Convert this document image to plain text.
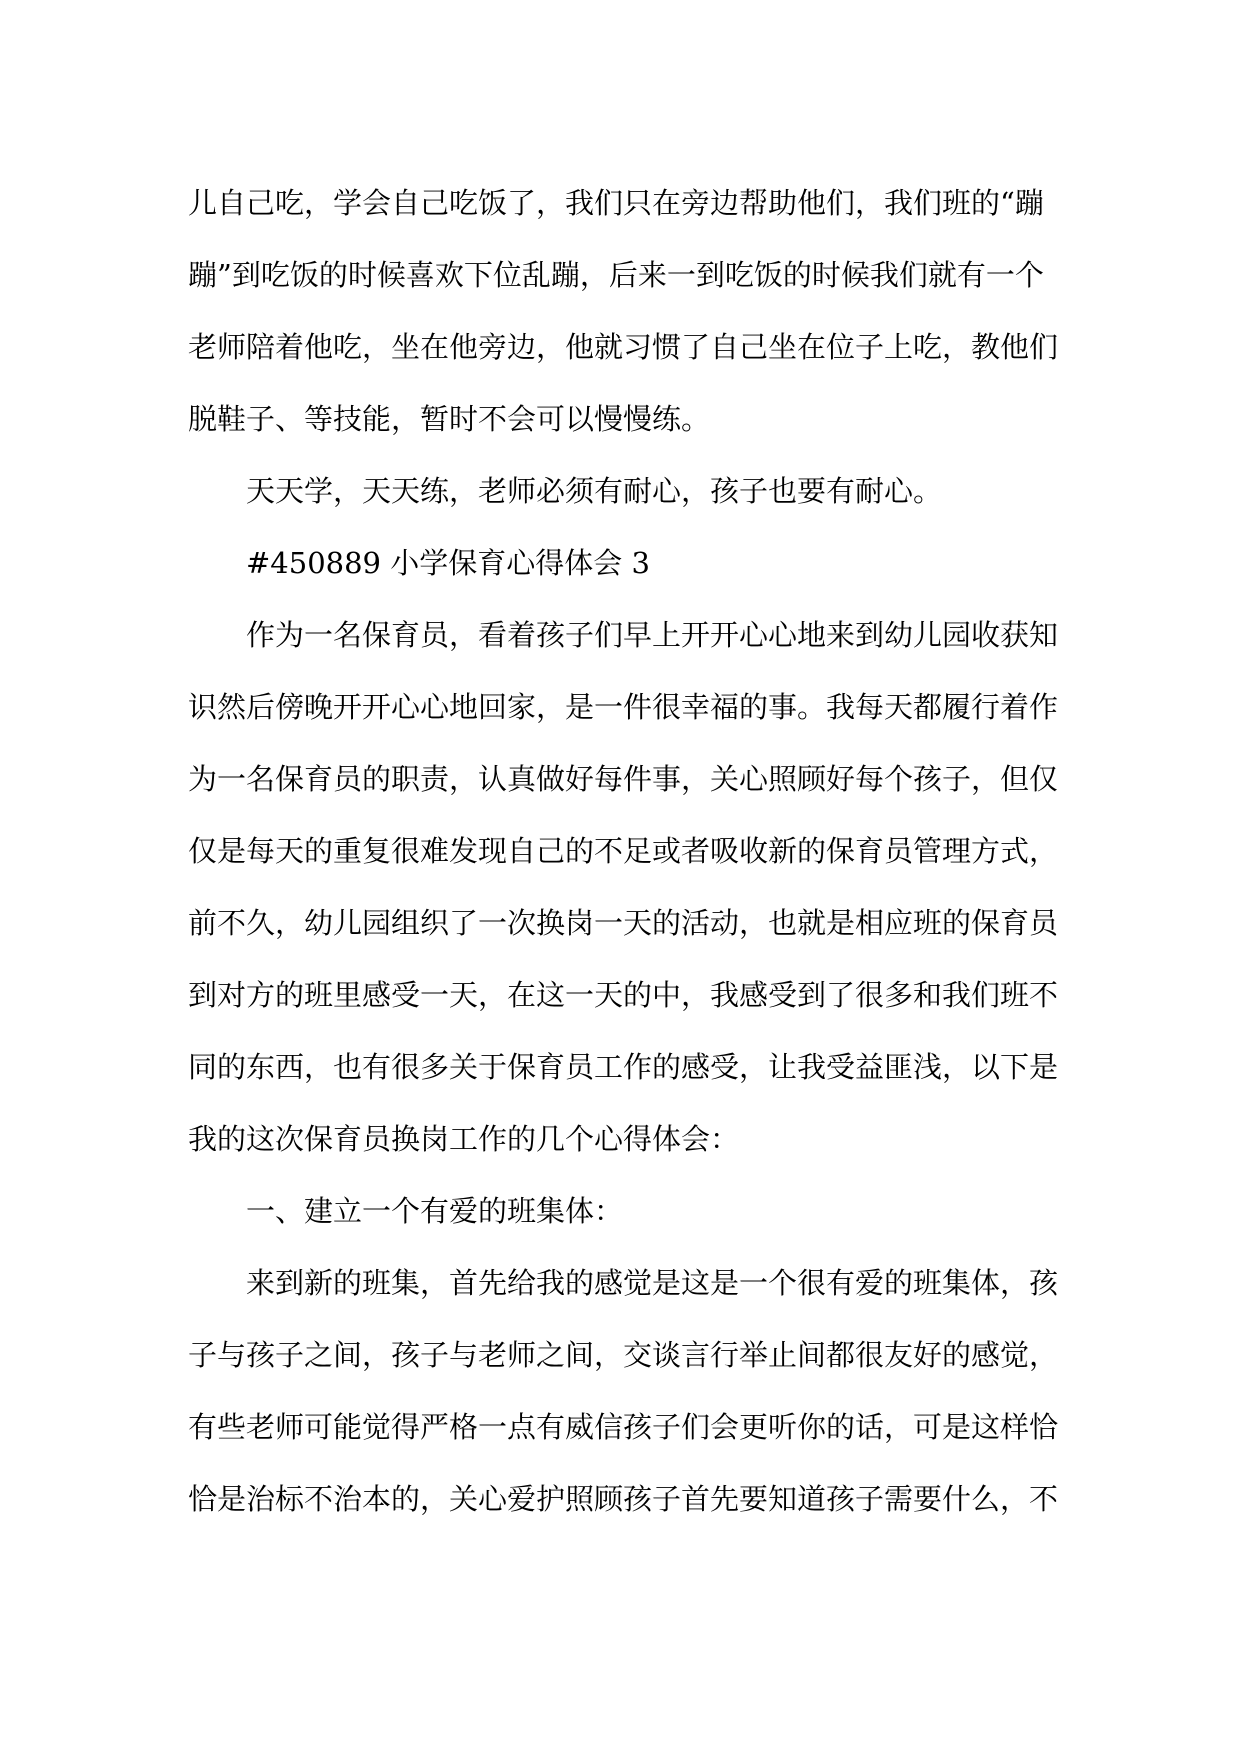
儿自己吃，学会自己吃饭了，我们只在旁边帮助他们，我们班的“蹦
蹦”到吃饭的时候喜欢下位乱蹦，后来一到吃饭的时候我们就有一个
老师陪着他吃，坐在他旁边，他就习惯了自己坐在位子上吃，教他们
脱鞋子、等技能，暂时不会可以慢慢练。
天天学，天天练，老师必须有耐心，孩子也要有耐心。
#450889 小学保育心得体会 3
作为一名保育员，看着孩子们早上开开心心地来到幼儿园收获知
识然后傍晚开开心心地回家，是一件很幸福的事。我每天都履行着作
为一名保育员的职责，认真做好每件事，关心照顾好每个孩子，但仅
仅是每天的重复很难发现自己的不足或者吸收新的保育员管理方式，
前不久，幼儿园组织了一次换岗一天的活动，也就是相应班的保育员
到对方的班里感受一天，在这一天的中，我感受到了很多和我们班不
同的东西，也有很多关于保育员工作的感受，让我受益匪浅，以下是
我的这次保育员换岗工作的几个心得体会：
一、建立一个有爱的班集体：
来到新的班集，首先给我的感觉是这是一个很有爱的班集体，孩
子与孩子之间，孩子与老师之间，交谈言行举止间都很友好的感觉，
有些老师可能觉得严格一点有威信孩子们会更听你的话，可是这样恰
恰是治标不治本的，关心爱护照顾孩子首先要知道孩子需要什么，不
